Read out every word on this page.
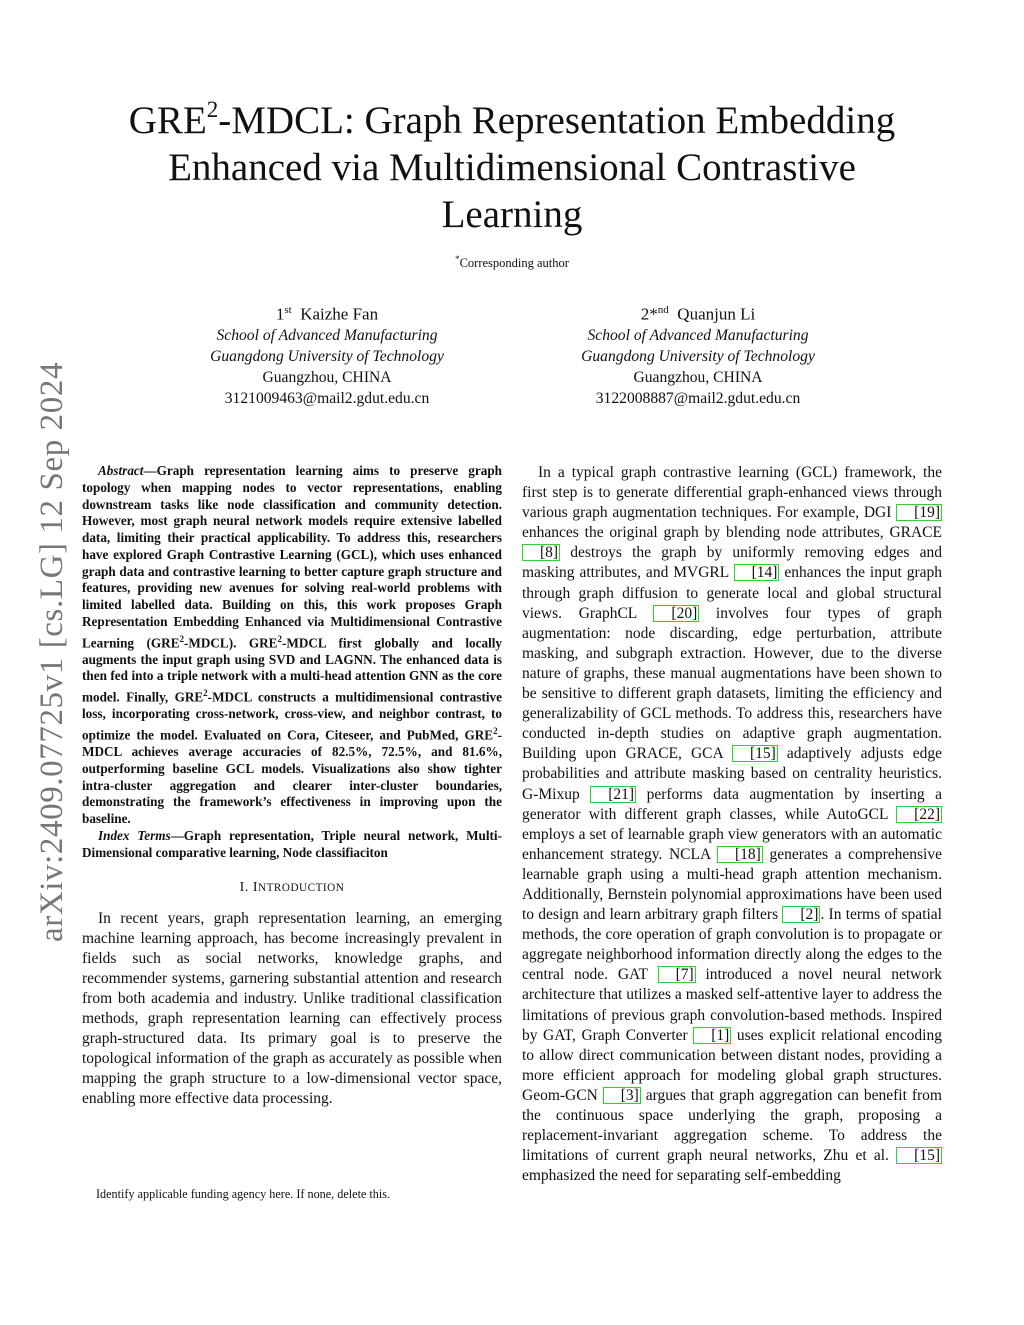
arXiv:2409.07725v1 [cs.LG] 12 Sep 2024
GRE$^2$-MDCL: Graph Representation Embedding
Enhanced via Multidimensional Contrastive
Learning
*Corresponding author
1st Kaizhe Fan
School of Advanced Manufacturing
Guangdong University of Technology
Guangzhou, CHINA
3121009463@mail2.gdut.edu.cn
2*$^{nd}$ Quanjun Li
School of Advanced Manufacturing
Guangdong University of Technology
Guangzhou, CHINA
3122008887@mail2.gdut.edu.cn

Abstract—Graph representation learning aims to preserve graph topology when mapping nodes to vector representations, enabling downstream tasks like node classification and community detection. However, most graph neural network models require extensive labelled data, limiting their practical applicability. To address this, researchers have explored Graph Contrastive Learning (GCL), which uses enhanced graph data and contrastive learning to better capture graph structure and features, providing new avenues for solving real-world problems with limited labelled data. Building on this, this work proposes Graph Representation Embedding Enhanced via Multidimensional Contrastive Learning (GRE$^2$-MDCL). GRE$^2$-MDCL first globally and locally augments the input graph using SVD and LAGNN. The enhanced data is then fed into a triple network with a multi-head attention GNN as the core model. Finally, GRE$^2$-MDCL constructs a multidimensional contrastive loss, incorporating cross-network, cross-view, and neighbor contrast, to optimize the model. Evaluated on Cora, Citeseer, and PubMed, GRE$^2$-MDCL achieves average accuracies of 82.5%, 72.5%, and 81.6%, outperforming baseline GCL models. Visualizations also show tighter intra-cluster aggregation and clearer inter-cluster boundaries, demonstrating the framework’s effectiveness in improving upon the baseline.

Index Terms—Graph representation, Triple neural network, Multi-Dimensional comparative learning, Node classifiaciton

I. INTRODUCTION

In recent years, graph representation learning, an emerging machine learning approach, has become increasingly prevalent in fields such as social networks, knowledge graphs, and recommender systems, garnering substantial attention and research from both academia and industry. Unlike traditional classification methods, graph representation learning can effectively process graph-structured data. Its primary goal is to preserve the topological information of the graph as accurately as possible when mapping the graph structure to a low-dimensional vector space, enabling more effective data processing.

Identify applicable funding agency here. If none, delete this.

In a typical graph contrastive learning (GCL) framework, the first step is to generate differential graph-enhanced views through various graph augmentation techniques. For example, DGI [19] enhances the original graph by blending node attributes, GRACE [8] destroys the graph by uniformly removing edges and masking attributes, and MVGRL [14] enhances the input graph through graph diffusion to generate local and global structural views. GraphCL [20] involves four types of graph augmentation: node discarding, edge perturbation, attribute masking, and subgraph extraction. However, due to the diverse nature of graphs, these manual augmentations have been shown to be sensitive to different graph datasets, limiting the efficiency and generalizability of GCL methods. To address this, researchers have conducted in-depth studies on adaptive graph augmentation. Building upon GRACE, GCA [15] adaptively adjusts edge probabilities and attribute masking based on centrality heuristics. G-Mixup [21] performs data augmentation by inserting a generator with different graph classes, while AutoGCL [22] employs a set of learnable graph view generators with an automatic enhancement strategy. NCLA [18] generates a comprehensive learnable graph using a multi-head graph attention mechanism. Additionally, Bernstein polynomial approximations have been used to design and learn arbitrary graph filters [2] . In terms of spatial methods, the core operation of graph convolution is to propagate or aggregate neighborhood information directly along the edges to the central node. GAT [7] introduced a novel neural network architecture that utilizes a masked self-attentive layer to address the limitations of previous graph convolution-based methods. Inspired by GAT, Graph Converter [1] uses explicit relational encoding to allow direct communication between distant nodes, providing a more efficient approach for modeling global graph structures. Geom-GCN [3] argues that graph aggregation can benefit from the continuous space underlying the graph, proposing a replacement-invariant aggregation scheme. To address the limitations of current graph neural networks, Zhu et al. [15] emphasized the need for separating self-embedding
